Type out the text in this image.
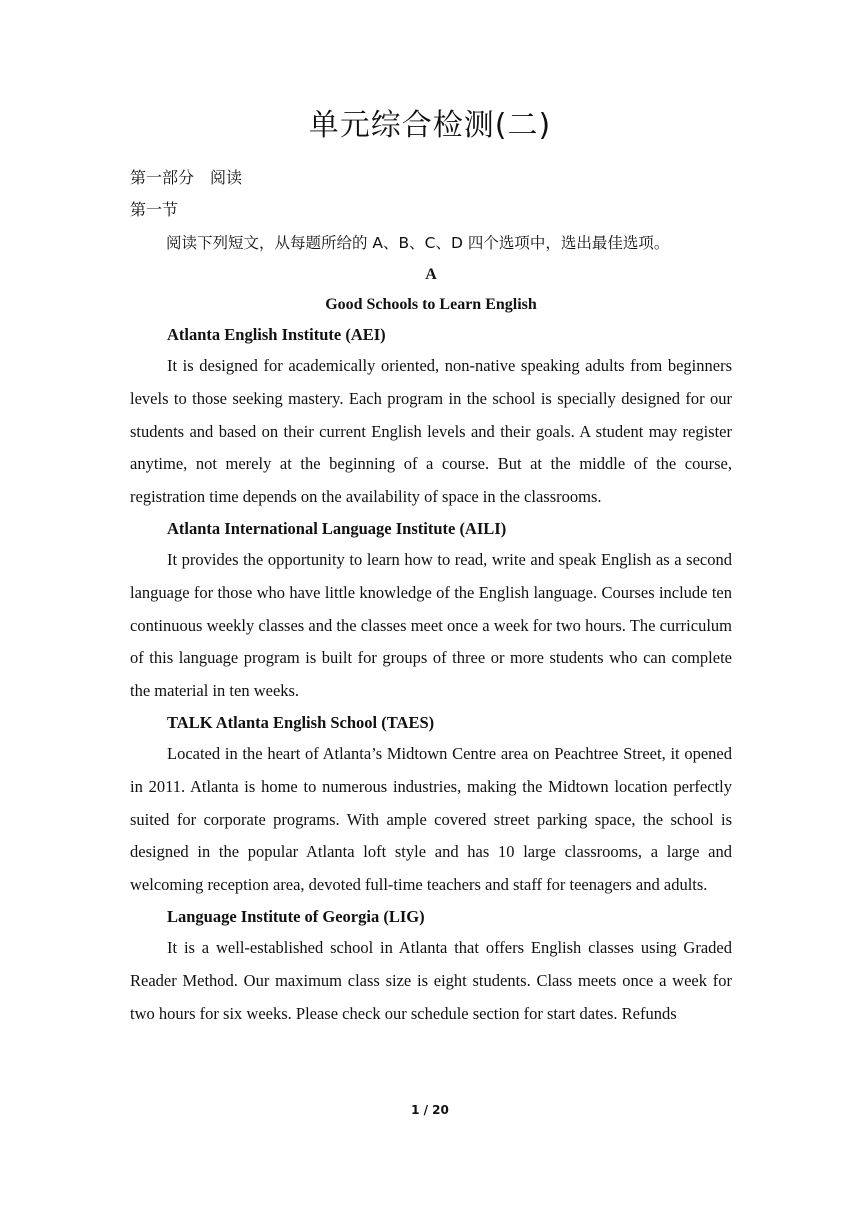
单元综合检测(二)
第一部分　阅读
第一节
阅读下列短文，从每题所给的 A、B、C、D 四个选项中，选出最佳选项。
A
Good Schools to Learn English
Atlanta English Institute (AEI)

It is designed for academically oriented, non-native speaking adults from beginners levels to those seeking mastery. Each program in the school is specially designed for our students and based on their current English levels and their goals. A student may register anytime, not merely at the beginning of a course. But at the middle of the course, registration time depends on the availability of space in the classrooms.

Atlanta International Language Institute (AILI)

It provides the opportunity to learn how to read, write and speak English as a second language for those who have little knowledge of the English language. Courses include ten continuous weekly classes and the classes meet once a week for two hours. The curriculum of this language program is built for groups of three or more students who can complete the material in ten weeks.

TALK Atlanta English School (TAES)

Located in the heart of Atlanta’s Midtown Centre area on Peachtree Street, it opened in 2011. Atlanta is home to numerous industries, making the Midtown location perfectly suited for corporate programs. With ample covered street parking space, the school is designed in the popular Atlanta loft style and has 10 large classrooms, a large and welcoming reception area, devoted full-time teachers and staff for teenagers and adults.

Language Institute of Georgia (LIG)

It is a well-established school in Atlanta that offers English classes using Graded Reader Method. Our maximum class size is eight students. Class meets once a week for two hours for six weeks. Please check our schedule section for start dates. Refunds

1 / 20
